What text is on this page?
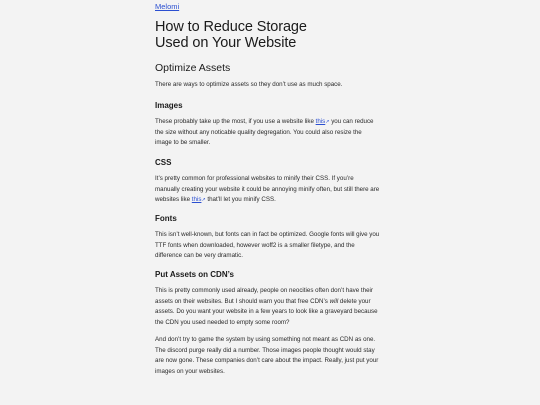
Melomi
How to Reduce Storage
Used on Your Website
Optimize Assets

There are ways to optimize assets so they don’t use as much space.

Images

These probably take up the most, if you use a website like this↗ you can reduce the size without any noticable quality degregation. You could also resize the image to be smaller.

CSS

It’s pretty common for professional websites to minify their CSS. If you’re manually creating your website it could be annoying minify often, but still there are websites like this↗ that’ll let you minify CSS.

Fonts

This isn’t well-known, but fonts can in fact be optimized. Google fonts will give you TTF fonts when downloaded, however woff2 is a smaller filetype, and the difference can be very dramatic.

Put Assets on CDN’s

This is pretty commonly used already, people on neocities often don’t have their assets on their websites. But I should warn you that free CDN’s will delete your assets. Do you want your website in a few years to look like a graveyard because the CDN you used needed to empty some room?

And don’t try to game the system by using something not meant as CDN as one. The discord purge really did a number. Those images people thought would stay are now gone. These companies don’t care about the impact. Really, just put your images on your websites.
